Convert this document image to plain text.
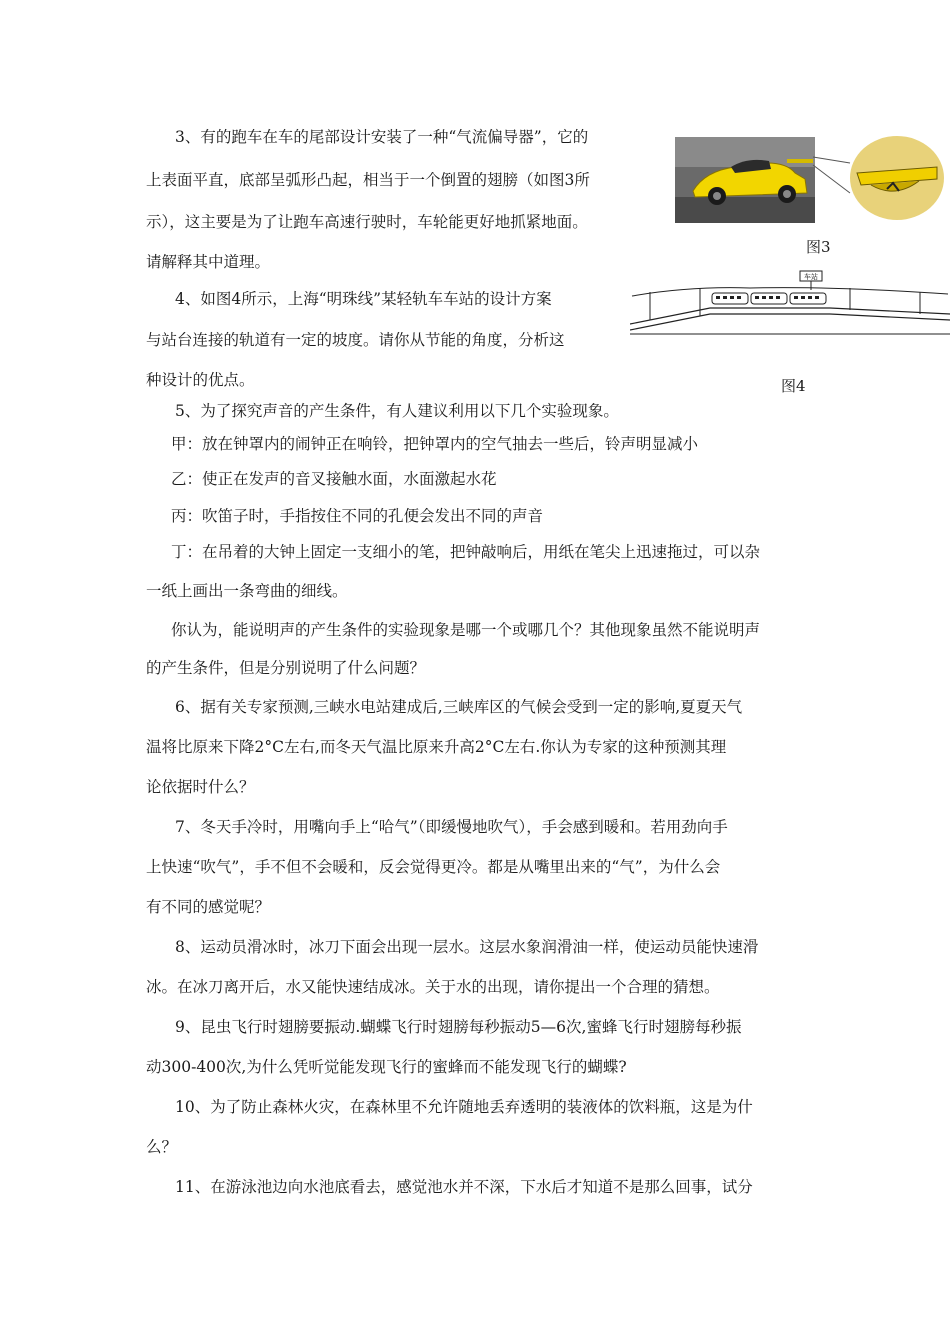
3、有的跑车在车的尾部设计安装了一种“气流偏导器”，它的
上表面平直，底部呈弧形凸起，相当于一个倒置的翅膀（如图3所
示），这主要是为了让跑车高速行驶时，车轮能更好地抓紧地面。
请解释其中道理。
图3
4、如图4所示，上海“明珠线”某轻轨车车站的设计方案
与站台连接的轨道有一定的坡度。请你从节能的角度，分析这
种设计的优点。
车站
图4
5、为了探究声音的产生条件，有人建议利用以下几个实验现象。
甲：放在钟罩内的闹钟正在响铃，把钟罩内的空气抽去一些后，铃声明显减小
乙：使正在发声的音叉接触水面，水面激起水花
丙：吹笛子时，手指按住不同的孔便会发出不同的声音
丁：在吊着的大钟上固定一支细小的笔，把钟敲响后，用纸在笔尖上迅速拖过，可以杂
一纸上画出一条弯曲的细线。
你认为，能说明声的产生条件的实验现象是哪一个或哪几个？其他现象虽然不能说明声
的产生条件，但是分别说明了什么问题？
6、据有关专家预测,三峡水电站建成后,三峡库区的气候会受到一定的影响,夏夏天气
温将比原来下降2°C左右,而冬天气温比原来升高2°C左右.你认为专家的这种预测其理
论依据时什么？
7、冬天手冷时，用嘴向手上“哈气”（即缓慢地吹气），手会感到暖和。若用劲向手
上快速“吹气”，手不但不会暖和，反会觉得更冷。都是从嘴里出来的“气”，为什么会
有不同的感觉呢？
8、运动员滑冰时，冰刀下面会出现一层水。这层水象润滑油一样，使运动员能快速滑
冰。在冰刀离开后，水又能快速结成冰。关于水的出现，请你提出一个合理的猜想。
9、昆虫飞行时翅膀要振动.蝴蝶飞行时翅膀每秒振动5—6次,蜜蜂飞行时翅膀每秒振
动300-400次,为什么凭听觉能发现飞行的蜜蜂而不能发现飞行的蝴蝶?
10、为了防止森林火灾，在森林里不允许随地丢弃透明的装液体的饮料瓶，这是为什
么？
11、在游泳池边向水池底看去，感觉池水并不深，下水后才知道不是那么回事，试分
